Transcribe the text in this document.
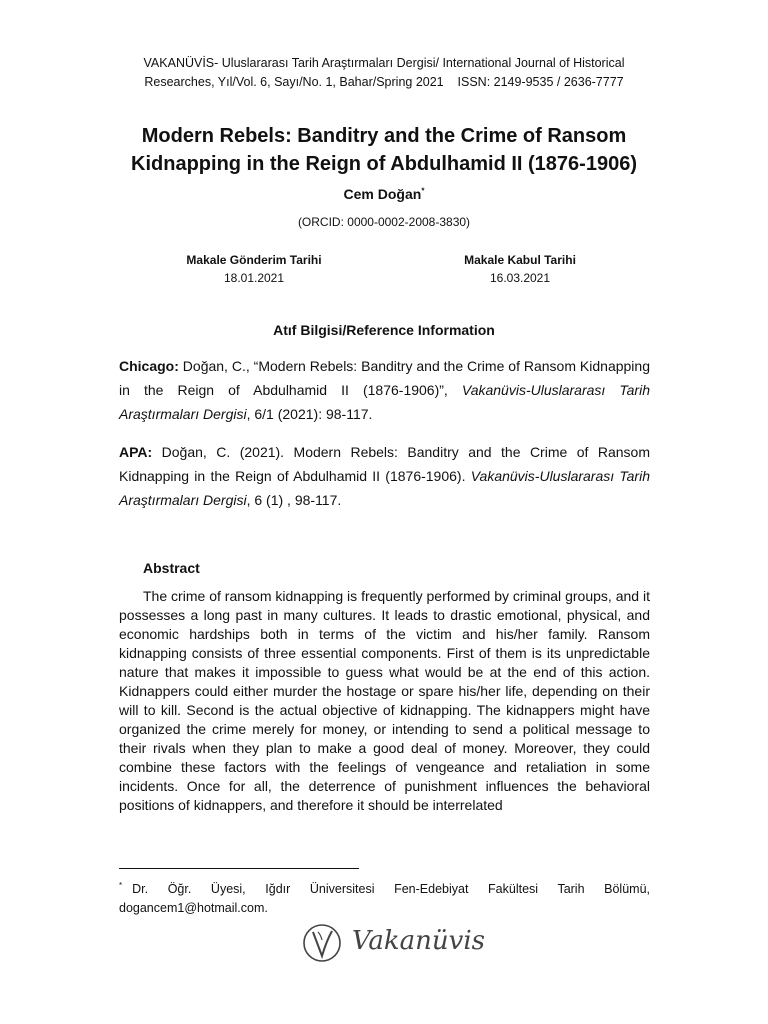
VAKANÜVİS- Uluslararası Tarih Araştırmaları Dergisi/ International Journal of Historical
Researches, Yıl/Vol. 6, Sayı/No. 1, Bahar/Spring 2021    ISSN: 2149-9535 / 2636-7777
Modern Rebels: Banditry and the Crime of Ransom
Kidnapping in the Reign of Abdulhamid II (1876-1906)
Cem Doğan*
(ORCID: 0000-0002-2008-3830)
Makale Gönderim Tarihi
18.01.2021
Makale Kabul Tarihi
16.03.2021
Atıf Bilgisi/Reference Information
Chicago: Doğan, C., “Modern Rebels: Banditry and the Crime of Ransom Kidnapping in the Reign of Abdulhamid II (1876-1906)”, Vakanüvis-Uluslararası Tarih Araştırmaları Dergisi, 6/1 (2021): 98-117.
APA: Doğan, C. (2021). Modern Rebels: Banditry and the Crime of Ransom Kidnapping in the Reign of Abdulhamid II (1876-1906). Vakanüvis-Uluslararası Tarih Araştırmaları Dergisi, 6 (1) , 98-117.
Abstract
The crime of ransom kidnapping is frequently performed by criminal groups, and it possesses a long past in many cultures. It leads to drastic emotional, physical, and economic hardships both in terms of the victim and his/her family. Ransom kidnapping consists of three essential components. First of them is its unpredictable nature that makes it impossible to guess what would be at the end of this action. Kidnappers could either murder the hostage or spare his/her life, depending on their will to kill. Second is the actual objective of kidnapping. The kidnappers might have organized the crime merely for money, or intending to send a political message to their rivals when they plan to make a good deal of money. Moreover, they could combine these factors with the feelings of vengeance and retaliation in some incidents. Once for all, the deterrence of punishment influences the behavioral positions of kidnappers, and therefore it should be interrelated
* Dr. Öğr. Üyesi, Iğdır Üniversitesi Fen-Edebiyat Fakültesi Tarih Bölümü, dogancem1@hotmail.com.
Vakanüvis
